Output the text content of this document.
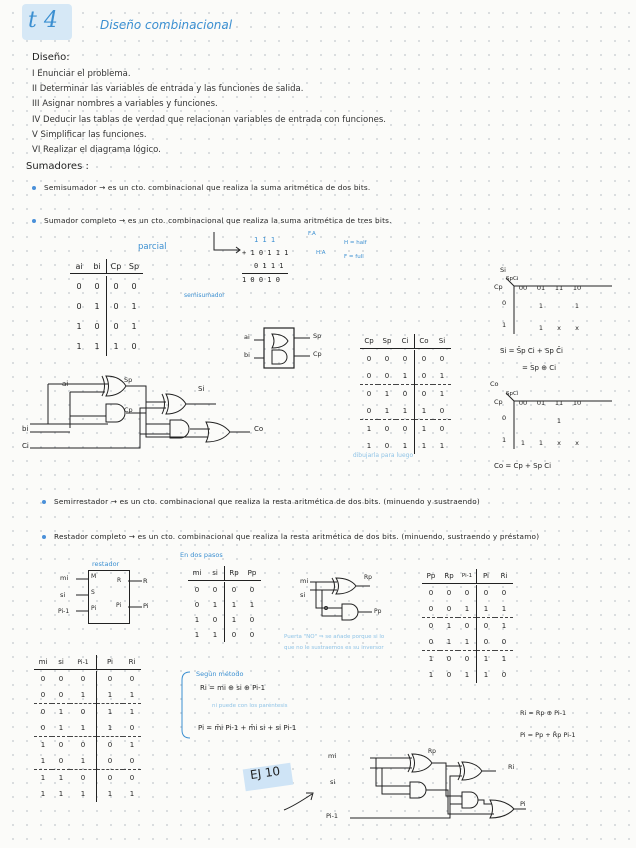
t 4	Diseño combinacional
Diseño:
I Enunciar el problema.
II Determinar las variables de entrada y las funciones de salida.
III Asignar nombres a variables y funciones.
IV Deducir las tablas de verdad que relacionan variables de entrada con funciones.
V Simplificar las funciones.
VI Realizar el diagrama lógico.
Sumadores :
Semisumador → es un cto. combinacional que realiza la suma aritmética de dos bits.
Sumador completo → es un cto. combinacional que realiza la suma aritmética de tres bits.
parcial
ai	bi	Cp	Sp

0	0	0	0
0	1	0	1
1	0	0	1
1	1	1	0
semisumador
1 1 1
+ 1 0 1 1 1
0 1 1 1
1 0 0 1 0
F.A
H.A
H = half
F = full
ai
bi
Sp
Cp
Cp	Sp	Ci	Co	Si

0	0	0	0	0
0	0	1	0	1
0	1	0	0	1
0	1	1	1	0
1	0	0	1	0
1	0	1	1	1
dibujarla para luego
ai
bi
Ci
Sp
Cp
Si
Co
Si
Cp
SpCi
00	01	11	10
	1		1
	1	x	x
0
1
Si = S̄p Ci + Sp C̄i
= Sp ⊕ Ci
Co
Cp
SpCi
00	01	11	10
		1	
1	1	x	x
0
1
Co = Cp + Sp Ci
Semirrestador → es un cto. combinacional que realiza la resta aritmética de dos bits. (minuendo y sustraendo)
Restador completo → es un cto. combinacional que realiza la resta aritmética de dos bits. (minuendo, sustraendo y préstamo)
En dos pasos
restador
mi
si
Pi-1
M
S
Pi
R
Pi
R
Pi
mi	si	Rp	Pp

0	0	0	0
0	1	1	1
1	0	1	0
1	1	0	0
mi
si
Rp
Pp
Puerta "NO" ⇒ se añade porque si lo que no le sustraemos es su inversor
Pp	Rp	Pi-1	Pi	Ri

0	0	0	0	0
0	0	1	1	1
0	1	0	0	1
0	1	1	0	0
1	0	0	1	1
1	0	1	1	0
Ri = Rp ⊕ Pi-1
Pi = Pp + R̄p Pi-1
mi	si	Pi-1	Pi	Ri

0	0	0	0	0
0	0	1	1	1
0	1	0	1	1
0	1	1	1	0
1	0	0	0	1
1	0	1	0	0
1	1	0	0	0
1	1	1	1	1
Según método
Ri = mi ⊕ si ⊕ Pi-1
ni puede con los paréntesis
Pi = m̄i Pi-1 + m̄i si + si Pi-1
EJ 10
mi
si
Pi-1
Rp
Ri
Pi
